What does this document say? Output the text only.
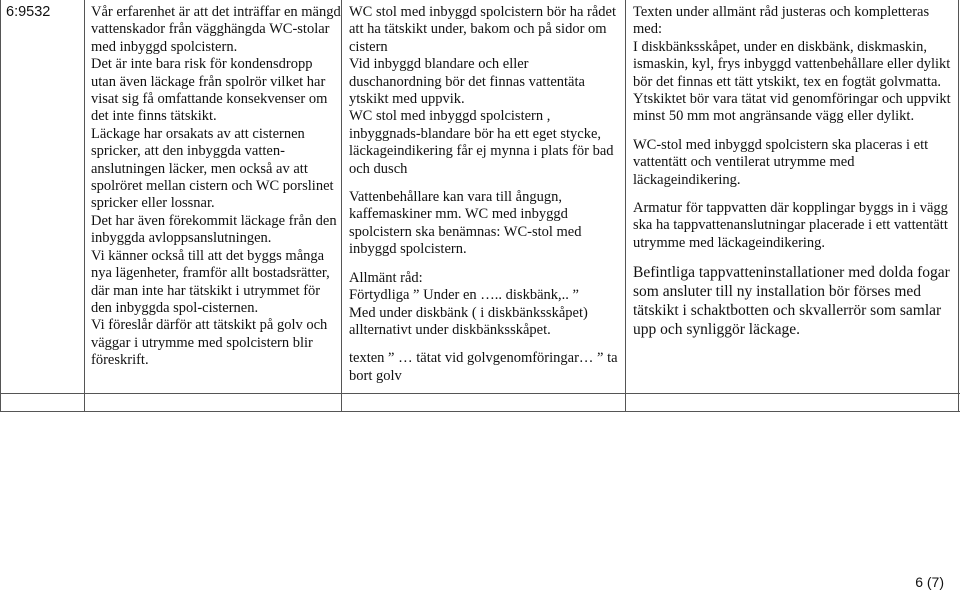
6:9532	Vår erfarenhet är att det inträffar en mängd vattenskador från vägghängda WC-stolar med inbyggd spolcistern.

Det är inte bara risk för kondensdropp utan även läckage från spolrör vilket har visat sig få omfattande konsekvenser om det inte finns tätskikt.

Läckage har orsakats av att cisternen spricker, att den inbyggda vatten-anslutningen läcker, men också av att spolröret mellan cistern och WC porslinet spricker eller lossnar.

Det har även förekommit läckage från den inbyggda avloppsanslutningen.

Vi känner också till att det byggs många nya lägenheter, framför allt bostadsrätter, där man inte har tätskikt i utrymmet för den inbyggda spol-cisternen.

Vi föreslår därför att tätskikt på golv och väggar i utrymme med spolcistern blir föreskrift.

WC stol med inbyggd spolcistern bör ha rådet att ha tätskikt under, bakom och på sidor om cistern

Vid inbyggd blandare och eller duschanordning bör det finnas vattentäta ytskikt med uppvik.

WC stol med inbyggd spolcistern , inbyggnads-blandare bör ha ett eget stycke, läckageindikering får ej mynna i plats för bad och dusch

Vattenbehållare kan vara till ångugn, kaffemaskiner mm. WC med inbyggd spolcistern ska benämnas: WC-stol med inbyggd spolcistern.

Allmänt råd:

Förtydliga ” Under en ….. diskbänk,.. ”

Med under diskbänk ( i diskbänksskåpet) allternativt under diskbänksskåpet.

texten ” … tätat vid golvgenomföringar… ” ta bort golv

Texten under allmänt råd justeras och kompletteras med:

I diskbänksskåpet, under en diskbänk, diskmaskin, ismaskin, kyl, frys inbyggd vattenbehållare eller dylikt bör det finnas ett tätt ytskikt, tex en fogtät golvmatta. Ytskiktet bör vara tätat vid genomföringar och uppvikt minst 50 mm mot angränsande vägg eller dylikt.

WC-stol med inbyggd spolcistern ska placeras i ett vattentätt och ventilerat utrymme med läckageindikering.

Armatur för tappvatten där kopplingar byggs in i vägg ska ha tappvattenanslutningar placerade i ett vattentätt utrymme med läckageindikering.

Befintliga tappvatteninstallationer med dolda fogar som ansluter till ny installation bör förses med tätskikt i schaktbotten och skvallerrör som samlar upp och synliggör läckage.

6 (7)
